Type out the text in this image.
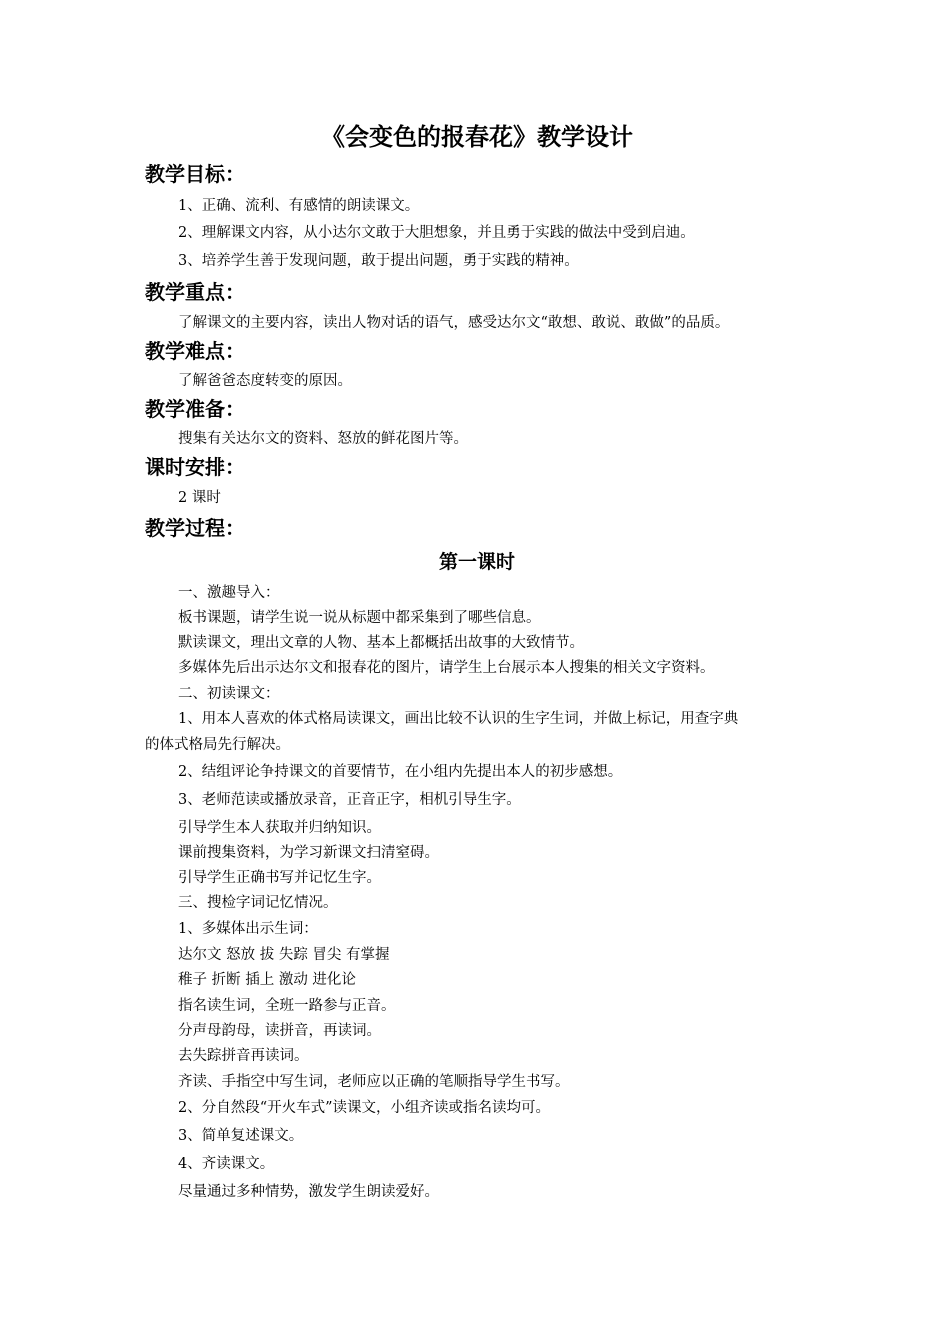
《会变色的报春花》教学设计
教学目标：
1、正确、流利、有感情的朗读课文。
2、理解课文内容，从小达尔文敢于大胆想象，并且勇于实践的做法中受到启迪。
3、培养学生善于发现问题，敢于提出问题，勇于实践的精神。
教学重点：
了解课文的主要内容，读出人物对话的语气，感受达尔文“敢想、敢说、敢做”的品质。
教学难点：
了解爸爸态度转变的原因。
教学准备：
搜集有关达尔文的资料、怒放的鲜花图片等。
课时安排：
2 课时
教学过程：
第一课时
一、激趣导入：
板书课题，请学生说一说从标题中都采集到了哪些信息。
默读课文，理出文章的人物、基本上都概括出故事的大致情节。
多媒体先后出示达尔文和报春花的图片，请学生上台展示本人搜集的相关文字资料。
二、初读课文：
1、用本人喜欢的体式格局读课文，画出比较不认识的生字生词，并做上标记，用查字典
的体式格局先行解决。
2、结组评论争持课文的首要情节，在小组内先提出本人的初步感想。
3、老师范读或播放录音，正音正字，相机引导生字。
引导学生本人获取并归纳知识。
课前搜集资料，为学习新课文扫清窒碍。
引导学生正确书写并记忆生字。
三、搜检字词记忆情况。
1、多媒体出示生词：
达尔文 怒放 拔 失踪 冒尖 有掌握
稚子 折断 插上 激动 进化论
指名读生词，全班一路参与正音。
分声母韵母，读拼音，再读词。
去失踪拼音再读词。
齐读、手指空中写生词，老师应以正确的笔顺指导学生书写。
2、分自然段“开火车式”读课文，小组齐读或指名读均可。
3、简单复述课文。
4、齐读课文。
尽量通过多种情势，激发学生朗读爱好。
